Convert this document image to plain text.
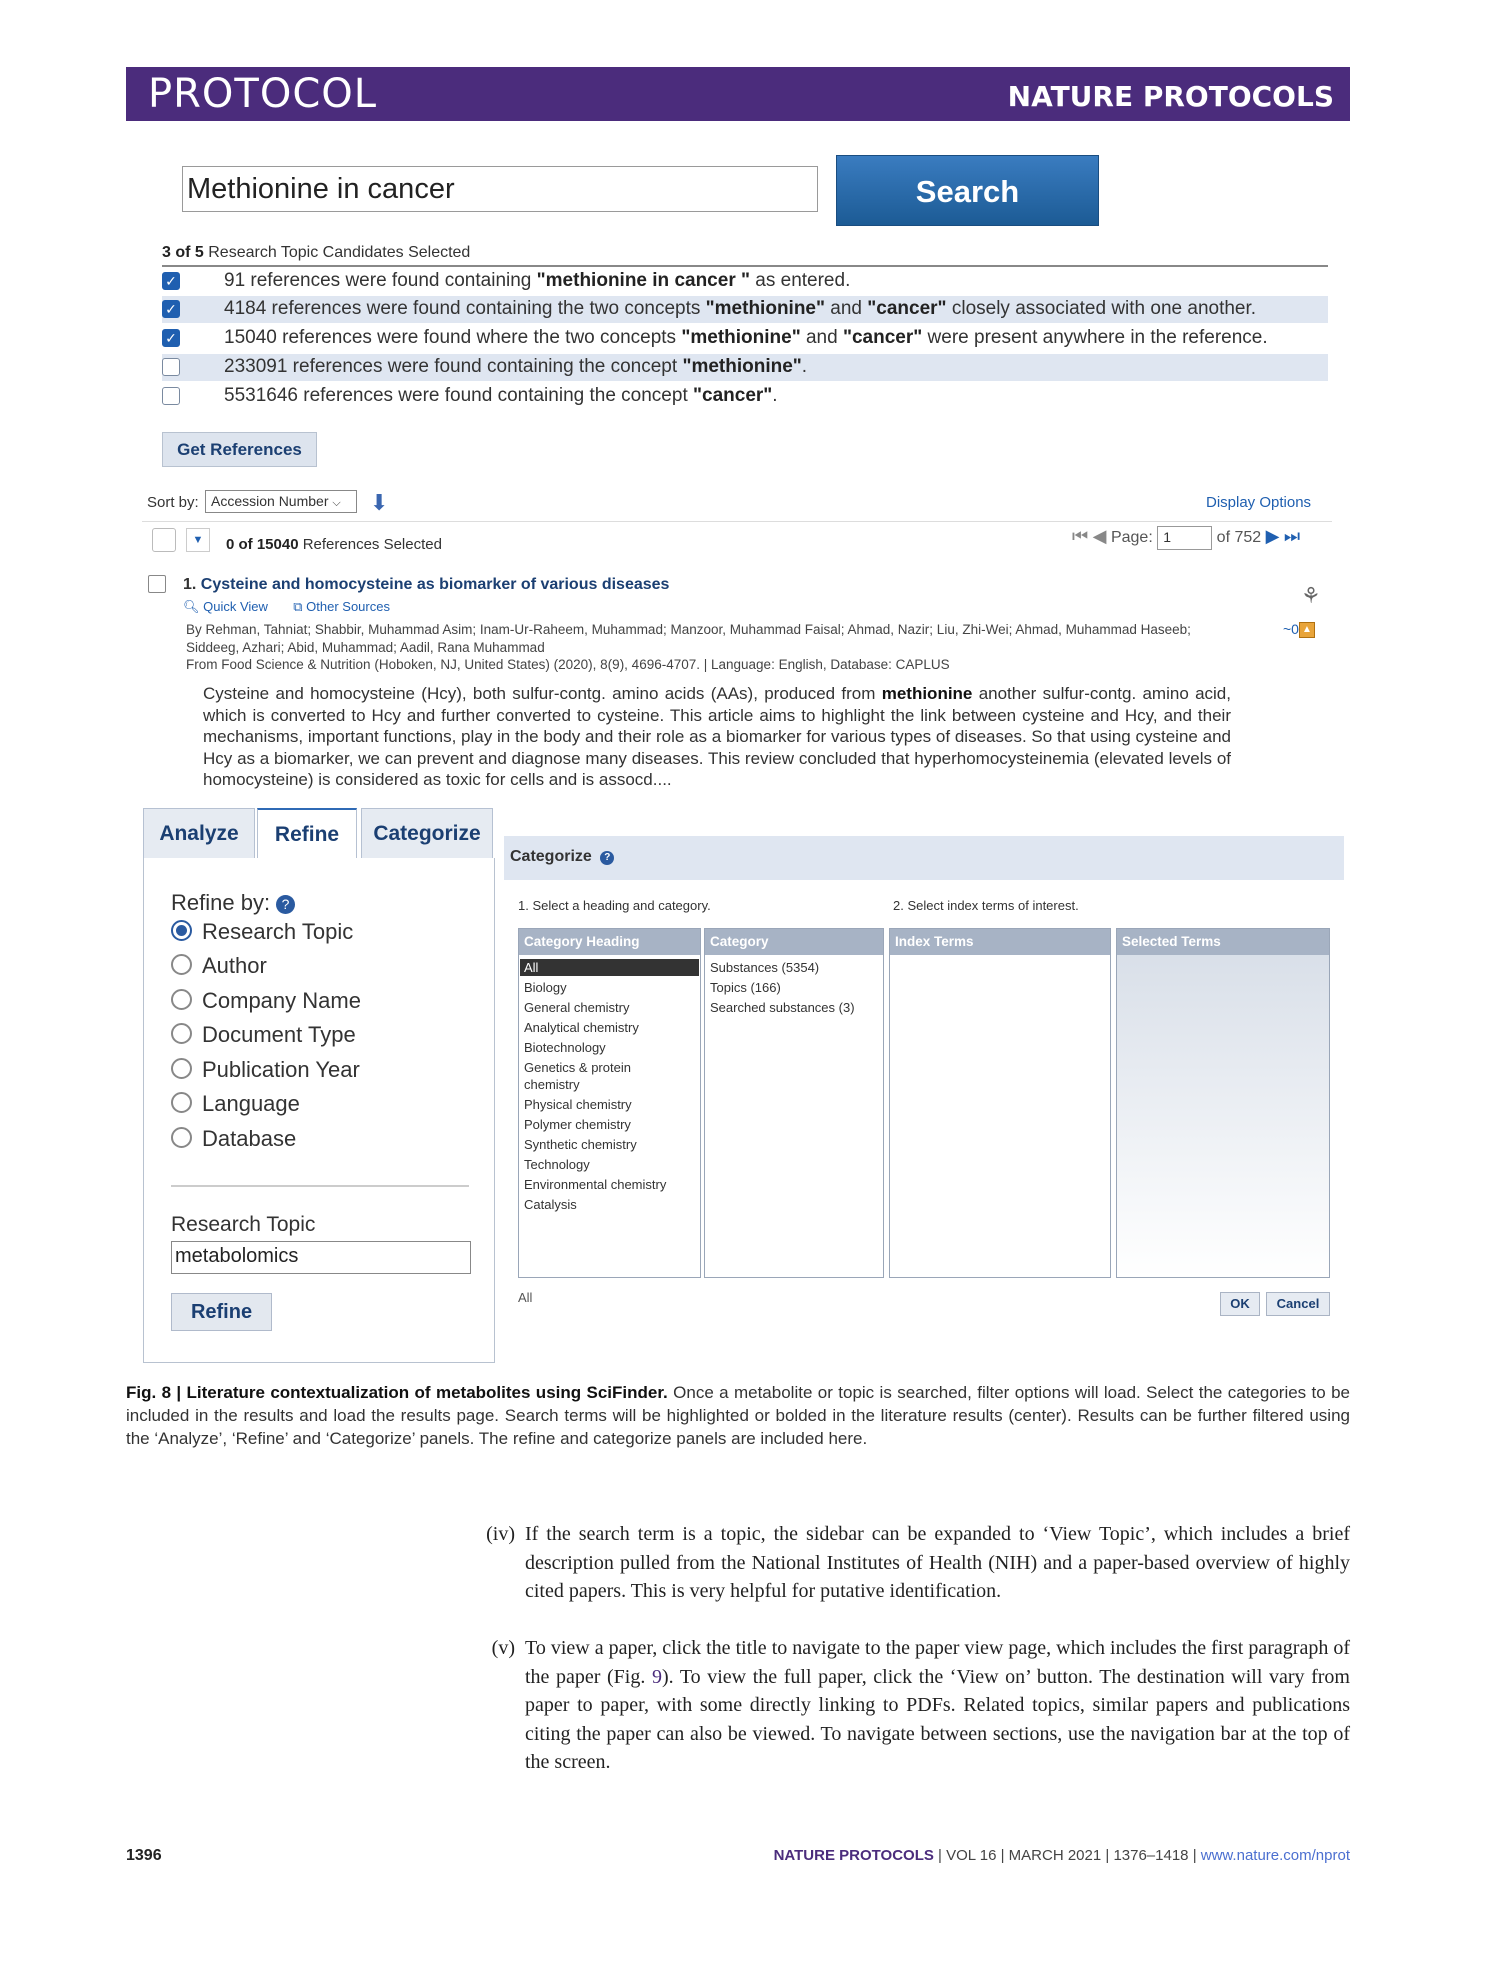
PROTOCOL	NATURE PROTOCOLS
Methionine in cancer	Search
3 of 5 Research Topic Candidates Selected
✓ 91 references were found containing "methionine in cancer " as entered.
✓ 4184 references were found containing the two concepts "methionine" and "cancer" closely associated with one another.
✓ 15040 references were found where the two concepts "methionine" and "cancer" were present anywhere in the reference.
233091 references were found containing the concept "methionine".
5531646 references were found containing the concept "cancer".
Get References
Sort by: Accession Number ⌵	⬇	Display Options
▼	0 of 15040 References Selected	⏮ ◀ Page: 1	of 752 ▶ ⏭
1. Cysteine and homocysteine as biomarker of various diseases
🔍︎ Quick View ⧉ Other Sources
By Rehman, Tahniat; Shabbir, Muhammad Asim; Inam-Ur-Raheem, Muhammad; Manzoor, Muhammad Faisal; Ahmad, Nazir; Liu, Zhi-Wei; Ahmad, Muhammad Haseeb; Siddeeg, Azhari; Abid, Muhammad; Aadil, Rana Muhammad
From Food Science & Nutrition (Hoboken, NJ, United States) (2020), 8(9), 4696-4707. | Language: English, Database: CAPLUS
Cysteine and homocysteine (Hcy), both sulfur-contg. amino acids (AAs), produced from methionine another sulfur-contg. amino acid, which is converted to Hcy and further converted to cysteine. This article aims to highlight the link between cysteine and Hcy, and their mechanisms, important functions, play in the body and their role as a biomarker for various types of diseases. So that using cysteine and Hcy as a biomarker, we can prevent and diagnose many diseases. This review concluded that hyperhomocysteinemia (elevated levels of homocysteine) is considered as toxic for cells and is assocd....
⚘
~0 ▲
Analyze	Refine	Categorize
Refine by: ?
Research Topic
Author
Company Name
Document Type
Publication Year
Language
Database
Research Topic
metabolomics
Refine
Categorize ?
1. Select a heading and category.	2. Select index terms of interest.
Category Heading
All
Biology
General chemistry
Analytical chemistry
Biotechnology
Genetics & protein chemistry
Physical chemistry
Polymer chemistry
Synthetic chemistry
Technology
Environmental chemistry
Catalysis
Category
Substances (5354)
Topics (166)
Searched substances (3)
Index Terms	Selected Terms
All	OK	Cancel
Fig. 8 | Literature contextualization of metabolites using SciFinder. Once a metabolite or topic is searched, filter options will load. Select the categories to be included in the results and load the results page. Search terms will be highlighted or bolded in the literature results (center). Results can be further filtered using the ‘Analyze’, ‘Refine’ and ‘Categorize’ panels. The refine and categorize panels are included here.
(iv) If the search term is a topic, the sidebar can be expanded to ‘View Topic’, which includes a brief description pulled from the National Institutes of Health (NIH) and a paper-based overview of highly cited papers. This is very helpful for putative identification.
(v) To view a paper, click the title to navigate to the paper view page, which includes the first paragraph of the paper (Fig. 9). To view the full paper, click the ‘View on’ button. The destination will vary from paper to paper, with some directly linking to PDFs. Related topics, similar papers and publications citing the paper can also be viewed. To navigate between sections, use the navigation bar at the top of the screen.
1396	NATURE PROTOCOLS | VOL 16 | MARCH 2021 | 1376–1418 | www.nature.com/nprot
